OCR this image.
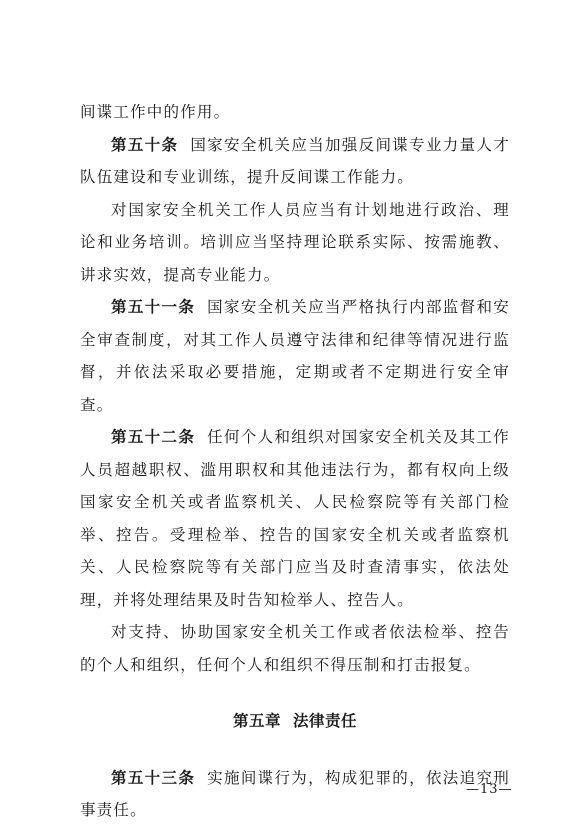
间谍工作中的作用。

第五十条 国家安全机关应当加强反间谍专业力量人才队伍建设和专业训练，提升反间谍工作能力。

对国家安全机关工作人员应当有计划地进行政治、理论和业务培训。培训应当坚持理论联系实际、按需施教、讲求实效，提高专业能力。

第五十一条 国家安全机关应当严格执行内部监督和安全审查制度，对其工作人员遵守法律和纪律等情况进行监督，并依法采取必要措施，定期或者不定期进行安全审查。

第五十二条 任何个人和组织对国家安全机关及其工作人员超越职权、滥用职权和其他违法行为，都有权向上级国家安全机关或者监察机关、人民检察院等有关部门检举、控告。受理检举、控告的国家安全机关或者监察机关、人民检察院等有关部门应当及时查清事实，依法处理，并将处理结果及时告知检举人、控告人。

对支持、协助国家安全机关工作或者依法检举、控告的个人和组织，任何个人和组织不得压制和打击报复。

第五章 法律责任

第五十三条 实施间谍行为，构成犯罪的，依法追究刑事责任。

—13—
